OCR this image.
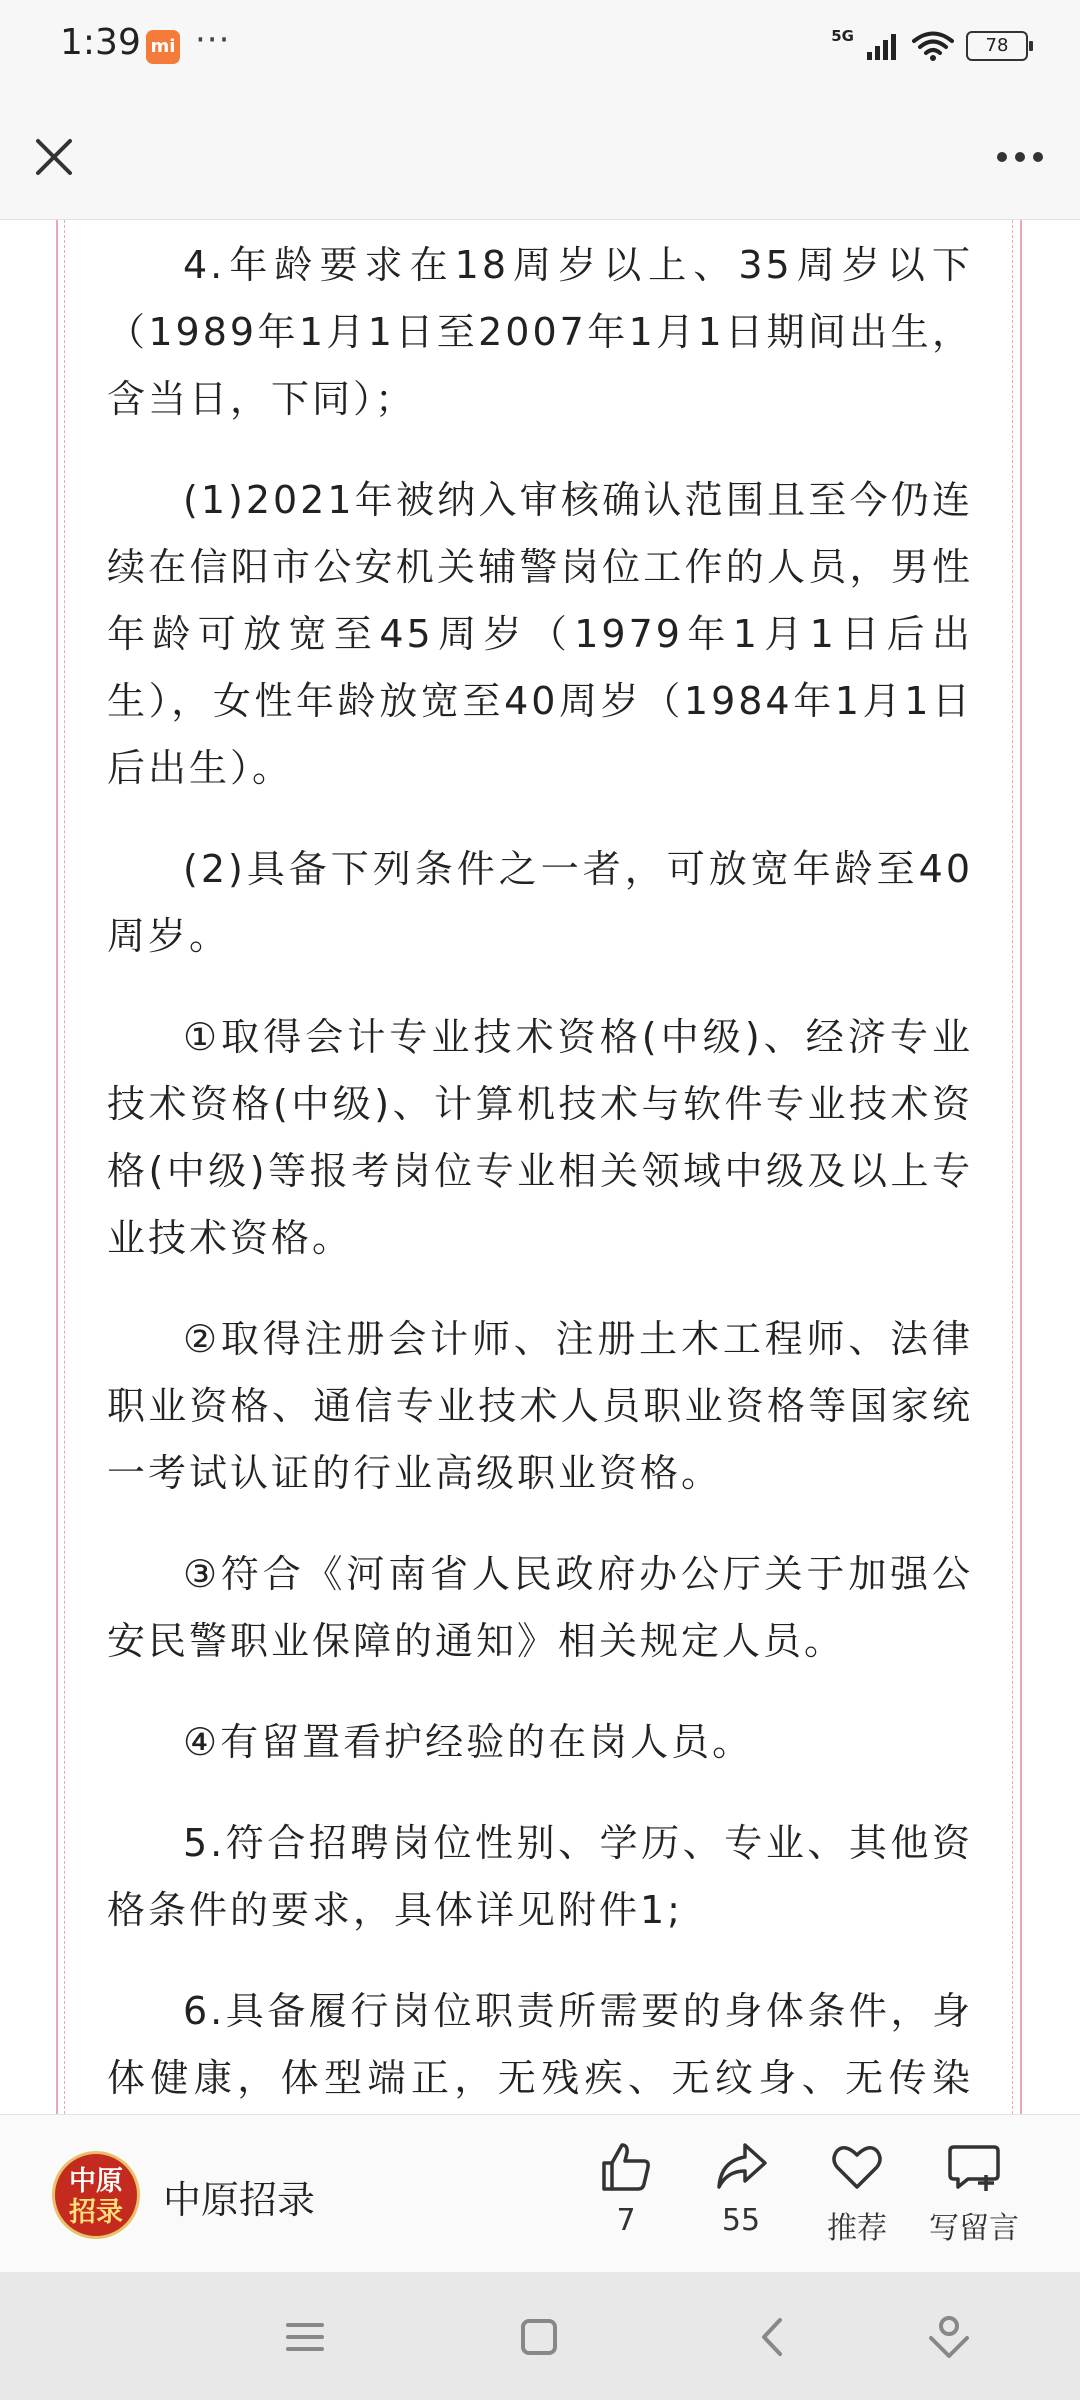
1:39 mi ···	5G	78

4.年龄要求在18周岁以上、35周岁以下（1989年1月1日至2007年1月1日期间出生，含当日，下同）；

(1)2021年被纳入审核确认范围且至今仍连续在信阳市公安机关辅警岗位工作的人员，男性年龄可放宽至45周岁（1979年1月1日后出生），女性年龄放宽至40周岁（1984年1月1日后出生）。

(2)具备下列条件之一者，可放宽年龄至40周岁。

①取得会计专业技术资格(中级)、经济专业技术资格(中级)、计算机技术与软件专业技术资格(中级)等报考岗位专业相关领域中级及以上专业技术资格。

②取得注册会计师、注册土木工程师、法律职业资格、通信专业技术人员职业资格等国家统一考试认证的行业高级职业资格。

③符合《河南省人民政府办公厅关于加强公安民警职业保障的通知》相关规定人员。

④有留置看护经验的在岗人员。

5.符合招聘岗位性别、学历、专业、其他资格条件的要求，具体详见附件1;

6.具备履行岗位职责所需要的身体条件，身体健康，体型端正，无残疾、无纹身、无传染

中原
招录	中原招录	7	55	推荐	写留言
